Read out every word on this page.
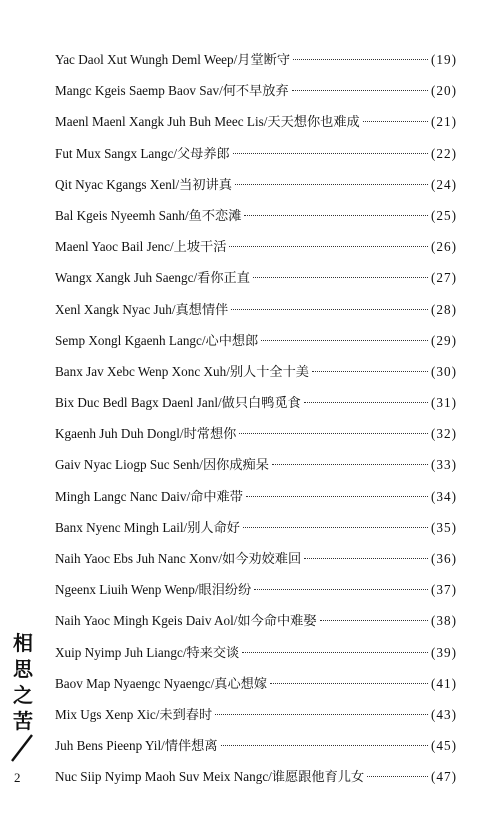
Yac Daol Xut Wungh Deml Weep/月堂断守	(19)
Mangc Kgeis Saemp Baov Sav/何不早放弃	(20)
Maenl Maenl Xangk Juh Buh Meec Lis/天天想你也难成	(21)
Fut Mux Sangx Langc/父母养郎	(22)
Qit Nyac Kgangs Xenl/当初讲真	(24)
Bal Kgeis Nyeemh Sanh/鱼不恋滩	(25)
Maenl Yaoc Bail Jenc/上坡干活	(26)
Wangx Xangk Juh Saengc/看你正直	(27)
Xenl Xangk Nyac Juh/真想情伴	(28)
Semp Xongl Kgaenh Langc/心中想郎	(29)
Banx Jav Xebc Wenp Xonc Xuh/别人十全十美	(30)
Bix Duc Bedl Bagx Daenl Janl/做只白鸭觅食	(31)
Kgaenh Juh Duh Dongl/时常想你	(32)
Gaiv Nyac Liogp Suc Senh/因你成痴呆	(33)
Mingh Langc Nanc Daiv/命中难带	(34)
Banx Nyenc Mingh Lail/别人命好	(35)
Naih Yaoc Ebs Juh Nanc Xonv/如今劝姣难回	(36)
Ngeenx Liuih Wenp Wenp/眼泪纷纷	(37)
Naih Yaoc Mingh Kgeis Daiv Aol/如今命中难娶	(38)
Xuip Nyimp Juh Liangc/特来交谈	(39)
Baov Map Nyaengc Nyaengc/真心想嫁	(41)
Mix Ugs Xenp Xic/未到春时	(43)
Juh Bens Pieenp Yil/情伴想离	(45)
Nuc Siip Nyimp Maoh Suv Meix Nangc/谁愿跟他育儿女	(47)
相
思
之
苦
2
